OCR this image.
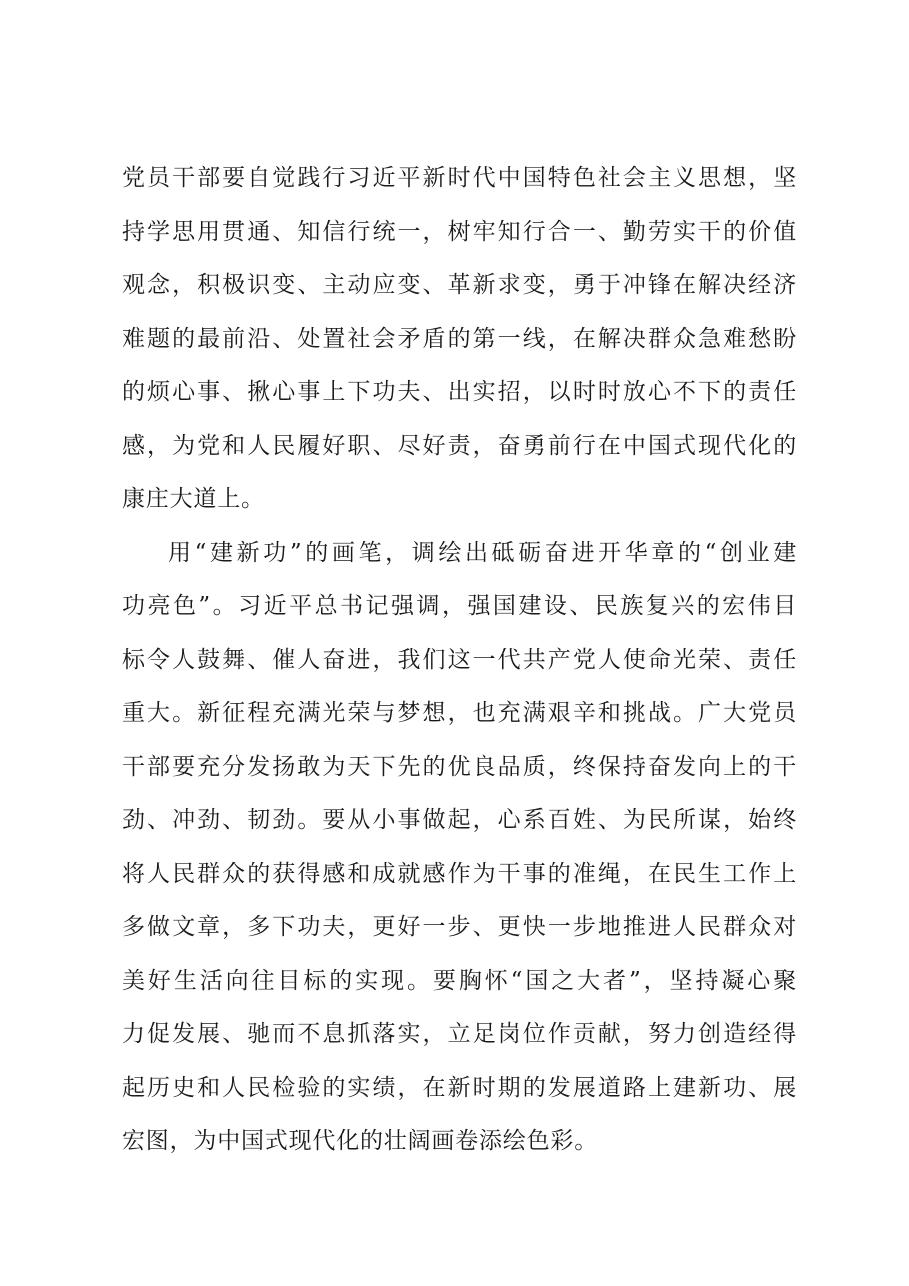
党员干部要自觉践行习近平新时代中国特色社会主义思想，坚
持学思用贯通、知信行统一，树牢知行合一、勤劳实干的价值
观念，积极识变、主动应变、革新求变，勇于冲锋在解决经济
难题的最前沿、处置社会矛盾的第一线，在解决群众急难愁盼
的烦心事、揪心事上下功夫、出实招，以时时放心不下的责任
感，为党和人民履好职、尽好责，奋勇前行在中国式现代化的
康庄大道上。
用“建新功”的画笔，调绘出砥砺奋进开华章的“创业建
功亮色”。习近平总书记强调，强国建设、民族复兴的宏伟目
标令人鼓舞、催人奋进，我们这一代共产党人使命光荣、责任
重大。新征程充满光荣与梦想，也充满艰辛和挑战。广大党员
干部要充分发扬敢为天下先的优良品质，终保持奋发向上的干
劲、冲劲、韧劲。要从小事做起，心系百姓、为民所谋，始终
将人民群众的获得感和成就感作为干事的准绳，在民生工作上
多做文章，多下功夫，更好一步、更快一步地推进人民群众对
美好生活向往目标的实现。要胸怀“国之大者”，坚持凝心聚
力促发展、驰而不息抓落实，立足岗位作贡献，努力创造经得
起历史和人民检验的实绩，在新时期的发展道路上建新功、展
宏图，为中国式现代化的壮阔画卷添绘色彩。
